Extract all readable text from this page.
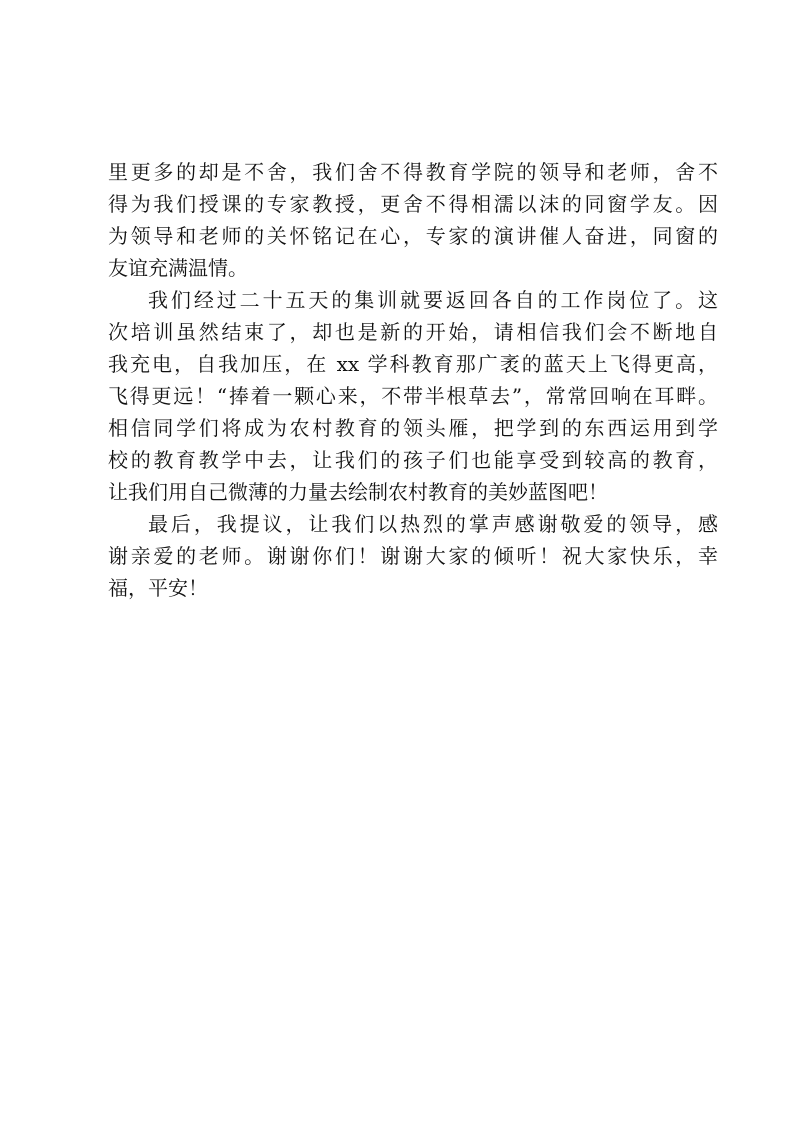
里更多的却是不舍，我们舍不得教育学院的领导和老师，舍不
得为我们授课的专家教授，更舍不得相濡以沫的同窗学友。因
为领导和老师的关怀铭记在心，专家的演讲催人奋进，同窗的
友谊充满温情。
我们经过二十五天的集训就要返回各自的工作岗位了。这
次培训虽然结束了，却也是新的开始，请相信我们会不断地自
我充电，自我加压，在 xx 学科教育那广袤的蓝天上飞得更高，
飞得更远！“捧着一颗心来，不带半根草去”，常常回响在耳畔。
相信同学们将成为农村教育的领头雁，把学到的东西运用到学
校的教育教学中去，让我们的孩子们也能享受到较高的教育，
让我们用自己微薄的力量去绘制农村教育的美妙蓝图吧！
最后，我提议，让我们以热烈的掌声感谢敬爱的领导，感
谢亲爱的老师。谢谢你们！谢谢大家的倾听！祝大家快乐，幸
福，平安！
